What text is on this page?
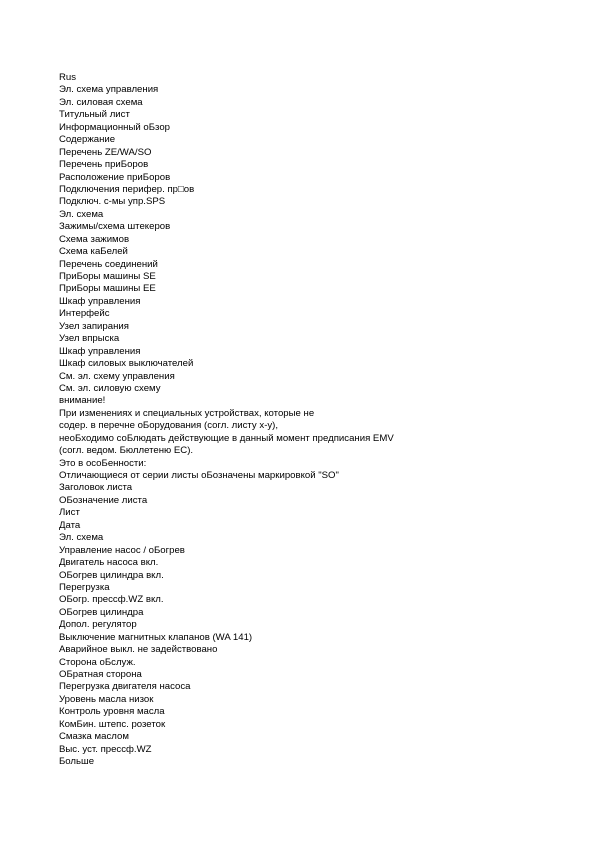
Rus
Эл. схема управления
Эл. силовая схема
Титульный лист
Информационный оБзор
Содержание
Перечень ZE/WA/SO
Перечень приБоров
Расположение приБоров
Подключения перифер. пр□ов
Подключ. с-мы упр.SPS
Эл. схема
Зажимы/схема штекеров
Схема зажимов
Схема каБелей
Перечень соединений
ПриБоры машины SE
ПриБоры машины EE
Шкаф управления
Интерфейс
Узел запирания
Узел впрыска
Шкаф управления
Шкаф силовых выключателей
См. эл. схему управления
См. эл. силовую схему
внимание!
При изменениях и специальных устройствах, которые не
содер. в перечне оБорудования (согл. листу x-y),
неоБходимо соБлюдать действующие в данный момент предписания EMV
(согл. ведом. Бюллетеню EC).
Это в осоБенности:
Отличающиеся от серии листы оБозначены маркировкой "SO"
Заголовок листа
ОБозначение листа
Лист
Дата
Эл. схема
Управление насос / оБогрев
Двигатель насоса вкл.
ОБогрев цилиндра вкл.
Перегрузка
ОБогр. прессф.WZ вкл.
ОБогрев цилиндра
Допол. регулятор
Выключение магнитных клапанов (WA 141)
Аварийное выкл. не задействовано
Сторона оБслуж.
ОБратная сторона
Перегрузка двигателя насоса
Уровень масла низок
Контроль уровня масла
КомБин. штепс. розеток
Смазка маслом
Выс. уст. прессф.WZ
Больше
